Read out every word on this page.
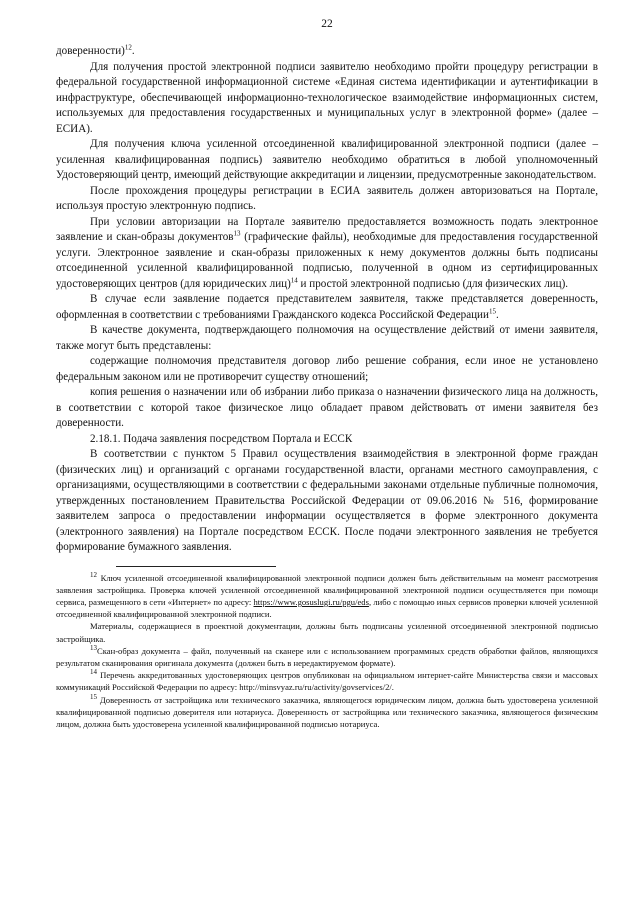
22

доверенности)$^{12}$.

Для получения простой электронной подписи заявителю необходимо пройти процедуру регистрации в федеральной государственной информационной системе «Единая система идентификации и аутентификации в инфраструктуре, обеспечивающей информационно-технологическое взаимодействие информационных систем, используемых для предоставления государственных и муниципальных услуг в электронной форме» (далее – ЕСИА).

Для получения ключа усиленной отсоединенной квалифицированной электронной подписи (далее – усиленная квалифицированная подпись) заявителю необходимо обратиться в любой уполномоченный Удостоверяющий центр, имеющий действующие аккредитации и лицензии, предусмотренные законодательством.

После прохождения процедуры регистрации в ЕСИА заявитель должен авторизоваться на Портале, используя простую электронную подпись.

При условии авторизации на Портале заявителю предоставляется возможность подать электронное заявление и скан-образы документов$^{13}$ (графические файлы), необходимые для предоставления государственной услуги. Электронное заявление и скан-образы приложенных к нему документов должны быть подписаны отсоединенной усиленной квалифицированной подписью, полученной в одном из сертифицированных удостоверяющих центров (для юридических лиц)$^{14}$ и простой электронной подписью (для физических лиц).

В случае если заявление подается представителем заявителя, также представляется доверенность, оформленная в соответствии с требованиями Гражданского кодекса Российской Федерации$^{15}$.

В качестве документа, подтверждающего полномочия на осуществление действий от имени заявителя, также могут быть представлены:

содержащие полномочия представителя договор либо решение собрания, если иное не установлено федеральным законом или не противоречит существу отношений;

копия решения о назначении или об избрании либо приказа о назначении физического лица на должность, в соответствии с которой такое физическое лицо обладает правом действовать от имени заявителя без доверенности.

2.18.1. Подача заявления посредством Портала и ЕССК

В соответствии с пунктом 5 Правил осуществления взаимодействия в электронной форме граждан (физических лиц) и организаций с органами государственной власти, органами местного самоуправления, с организациями, осуществляющими в соответствии с федеральными законами отдельные публичные полномочия, утвержденных постановлением Правительства Российской Федерации от 09.06.2016 № 516, формирование заявителем запроса о предоставлении информации осуществляется в форме электронного документа (электронного заявления) на Портале посредством ЕССК. После подачи электронного заявления не требуется формирование бумажного заявления.

$^{12}$ Ключ усиленной отсоединенной квалифицированной электронной подписи должен быть действительным на момент рассмотрения заявления застройщика. Проверка ключей усиленной отсоединенной квалифицированной электронной подписи осуществляется при помощи сервиса, размещенного в сети «Интернет» по адресу: https://www.gosuslugi.ru/pgu/eds, либо с помощью иных сервисов проверки ключей усиленной отсоединенной квалифицированной электронной подписи.

Материалы, содержащиеся в проектной документации, должны быть подписаны усиленной отсоединенной электронной подписью застройщика.

$^{13}$Скан-образ документа – файл, полученный на сканере или с использованием программных средств обработки файлов, являющихся результатом сканирования оригинала документа (должен быть в нередактируемом формате).

$^{14}$ Перечень аккредитованных удостоверяющих центров опубликован на официальном интернет-сайте Министерства связи и массовых коммуникаций Российской Федерации по адресу: http://minsvyaz.ru/ru/activity/govservices/2/.

$^{15}$ Доверенность от застройщика или технического заказчика, являющегося юридическим лицом, должна быть удостоверена усиленной квалифицированной подписью доверителя или нотариуса. Доверенность от застройщика или технического заказчика, являющегося физическим лицом, должна быть удостоверена усиленной квалифицированной подписью нотариуса.
